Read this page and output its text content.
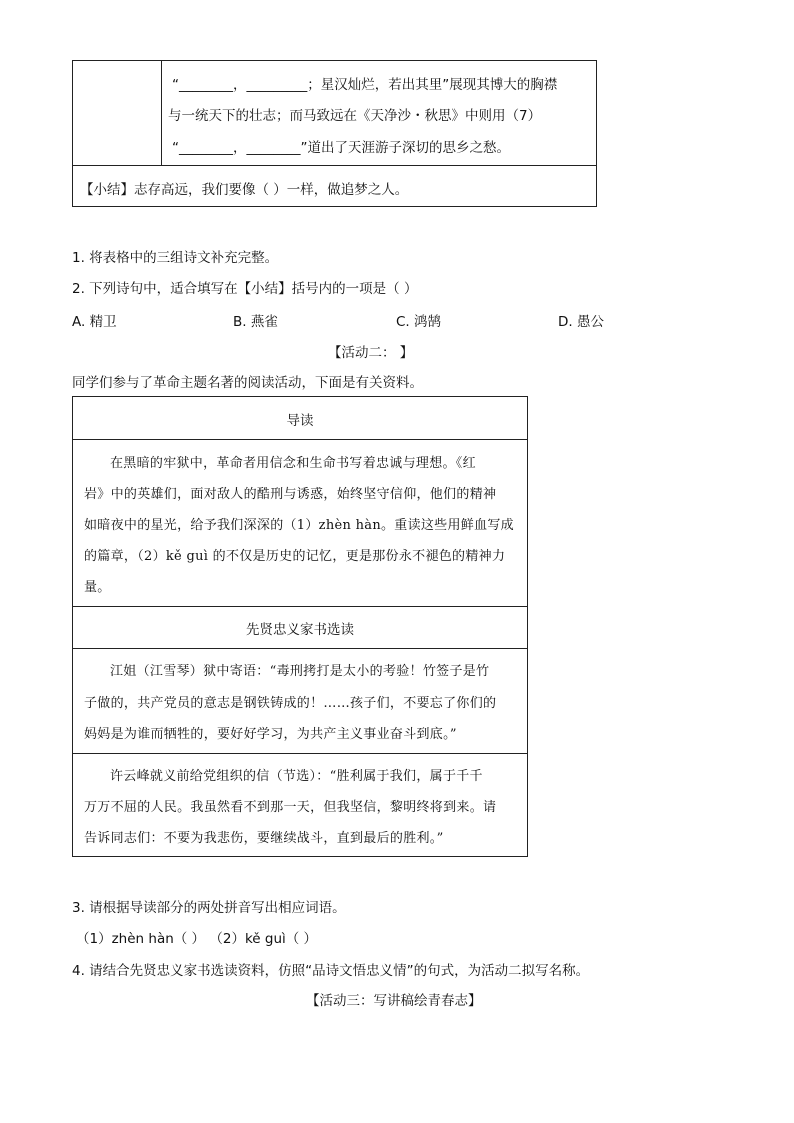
“________，_________；星汉灿烂，若出其里”展现其博大的胸襟
与一统天下的壮志；而马致远在《天净沙・秋思》中则用（7）
“________，________”道出了天涯游子深切的思乡之愁。
【小结】志存高远，我们要像（ ）一样，做追梦之人。
1. 将表格中的三组诗文补充完整。
2. 下列诗句中，适合填写在【小结】括号内的一项是（ ）
A. 精卫	B. 燕雀	C. 鸿鹄	D. 愚公
【活动二： 】
同学们参与了革命主题名著的阅读活动，下面是有关资料。
导读
在黑暗的牢狱中，革命者用信念和生命书写着忠诚与理想。《红
岩》中的英雄们，面对敌人的酷刑与诱惑，始终坚守信仰，他们的精神
如暗夜中的星光，给予我们深深的（1）zhèn hàn。重读这些用鲜血写成
的篇章，（2）kě guì 的不仅是历史的记忆，更是那份永不褪色的精神力
量。
先贤忠义家书选读
江姐（江雪琴）狱中寄语：“毒刑拷打是太小的考验！竹签子是竹
子做的，共产党员的意志是钢铁铸成的！……孩子们，不要忘了你们的
妈妈是为谁而牺牲的，要好好学习，为共产主义事业奋斗到底。”
许云峰就义前给党组织的信（节选）：“胜利属于我们，属于千千
万万不屈的人民。我虽然看不到那一天，但我坚信，黎明终将到来。请
告诉同志们：不要为我悲伤，要继续战斗，直到最后的胜利。”
3. 请根据导读部分的两处拼音写出相应词语。
（1）zhèn hàn（ ） （2）kě guì（ ）
4. 请结合先贤忠义家书选读资料，仿照“品诗文悟忠义情”的句式，为活动二拟写名称。
【活动三：写讲稿绘青春志】
